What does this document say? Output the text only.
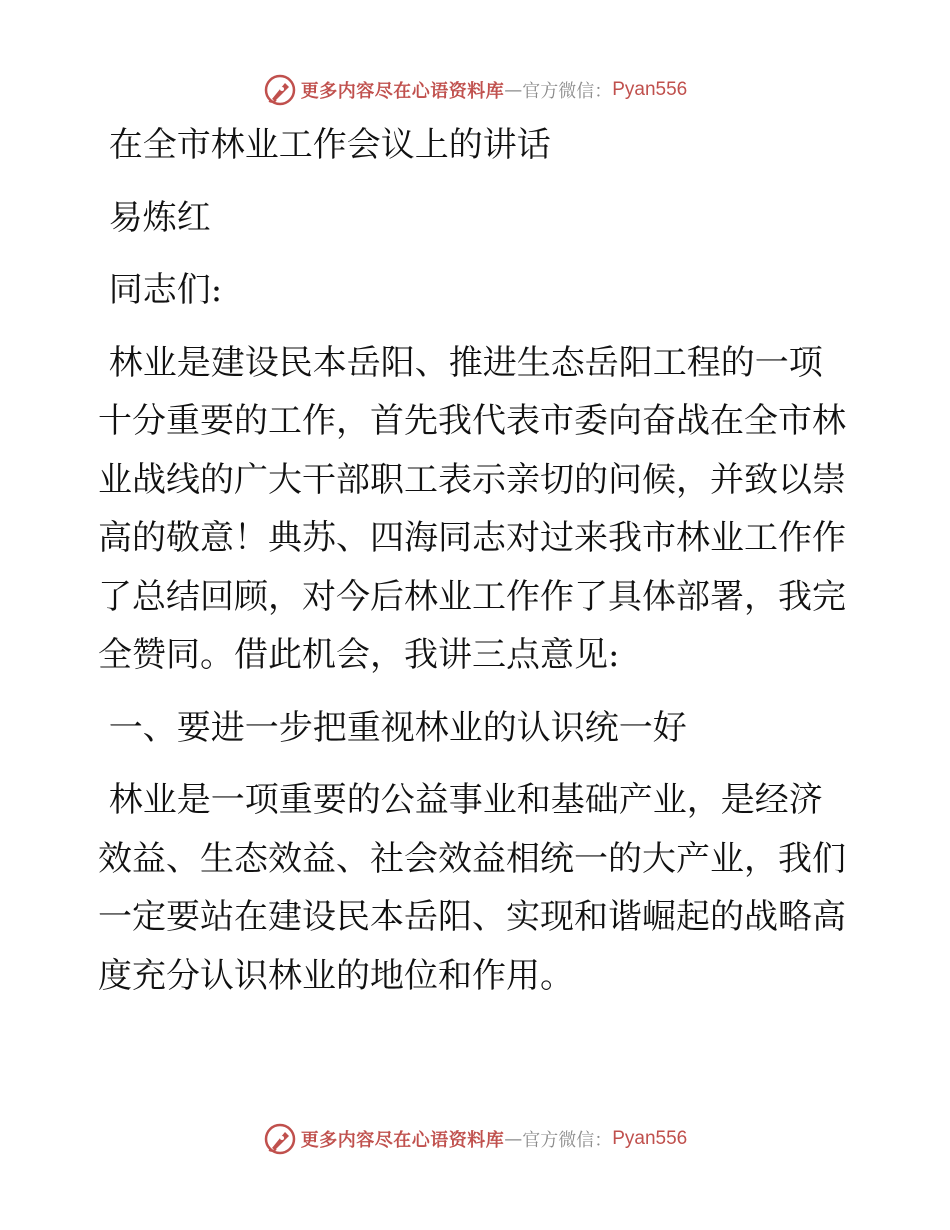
更多内容尽在心语资料库 — 官方微信： Pyan556

在全市林业工作会议上的讲话

易炼红

同志们:

林业是建设民本岳阳、推进生态岳阳工程的一项

十分重要的工作，首先我代表市委向奋战在全市林

业战线的广大干部职工表示亲切的问候，并致以崇

高的敬意！典苏、四海同志对过来我市林业工作作

了总结回顾，对今后林业工作作了具体部署，我完

全赞同。借此机会，我讲三点意见:

一、要进一步把重视林业的认识统一好

林业是一项重要的公益事业和基础产业，是经济

效益、生态效益、社会效益相统一的大产业，我们

一定要站在建设民本岳阳、实现和谐崛起的战略高

度充分认识林业的地位和作用。

更多内容尽在心语资料库 — 官方微信： Pyan556
